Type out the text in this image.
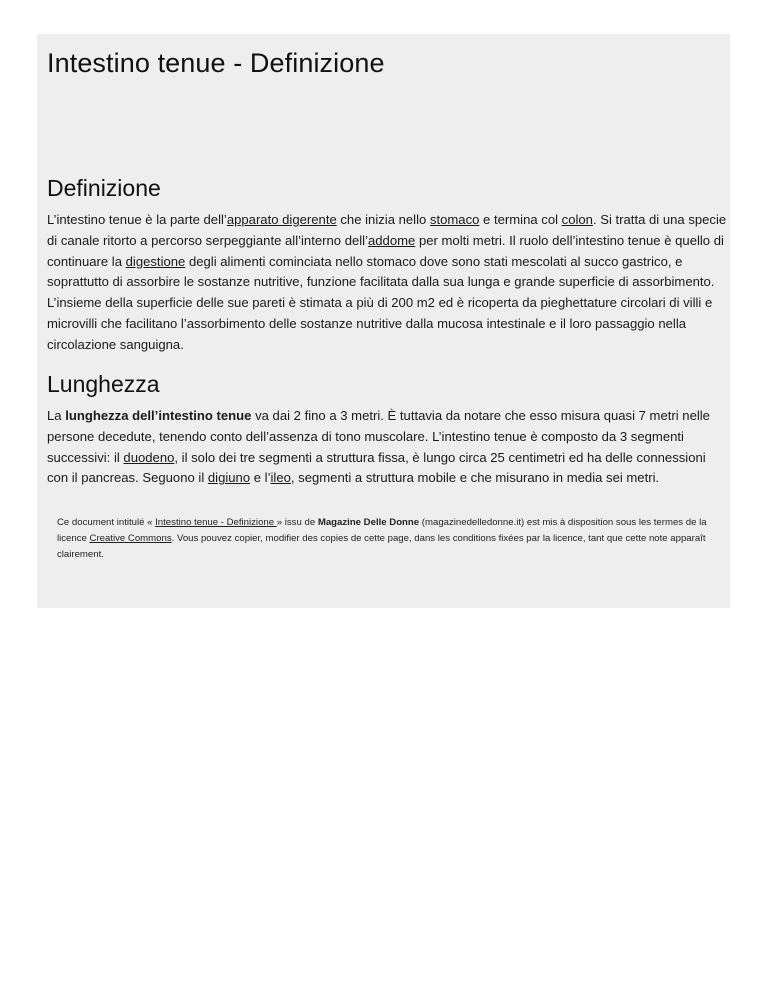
Intestino tenue - Definizione
Definizione

L’intestino tenue è la parte dell’apparato digerente che inizia nello stomaco e termina col colon. Si tratta di una specie di canale ritorto a percorso serpeggiante all’interno dell’addome per molti metri. Il ruolo dell’intestino tenue è quello di continuare la digestione degli alimenti cominciata nello stomaco dove sono stati mescolati al succo gastrico, e soprattutto di assorbire le sostanze nutritive, funzione facilitata dalla sua lunga e grande superficie di assorbimento. L’insieme della superficie delle sue pareti è stimata a più di 200 m2 ed è ricoperta da pieghettature circolari di villi e microvilli che facilitano l’assorbimento delle sostanze nutritive dalla mucosa intestinale e il loro passaggio nella circolazione sanguigna.

Lunghezza

La lunghezza dell’intestino tenue va dai 2 fino a 3 metri. È tuttavia da notare che esso misura quasi 7 metri nelle persone decedute, tenendo conto dell’assenza di tono muscolare. L’intestino tenue è composto da 3 segmenti successivi: il duodeno, il solo dei tre segmenti a struttura fissa, è lungo circa 25 centimetri ed ha delle connessioni con il pancreas. Seguono il digiuno e l’ileo, segmenti a struttura mobile e che misurano in media sei metri.

Ce document intitulé « Intestino tenue - Definizione » issu de Magazine Delle Donne (magazinedelledonne.it) est mis à disposition sous les termes de la licence Creative Commons. Vous pouvez copier, modifier des copies de cette page, dans les conditions fixées par la licence, tant que cette note apparaît clairement.
